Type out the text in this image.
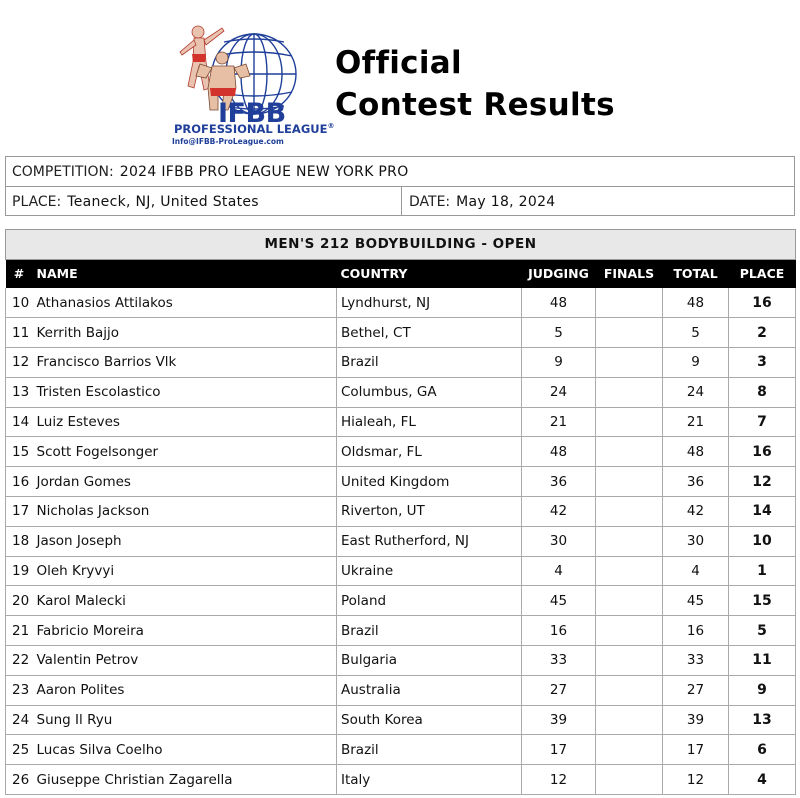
IFBB
PROFESSIONAL LEAGUE®
Info@IFBB-ProLeague.com
Official
Contest Results
COMPETITION: 2024 IFBB PRO LEAGUE NEW YORK PRO
PLACE: Teaneck, NJ, United States	DATE: May 18, 2024
MEN'S 212 BODYBUILDING - OPEN						
#	NAME	COUNTRY	JUDGING	FINALS	TOTAL	PLACE
10	Athanasios Attilakos	Lyndhurst, NJ	48		48	16
11	Kerrith Bajjo	Bethel, CT	5		5	2
12	Francisco Barrios Vlk	Brazil	9		9	3
13	Tristen Escolastico	Columbus, GA	24		24	8
14	Luiz Esteves	Hialeah, FL	21		21	7
15	Scott Fogelsonger	Oldsmar, FL	48		48	16
16	Jordan Gomes	United Kingdom	36		36	12
17	Nicholas Jackson	Riverton, UT	42		42	14
18	Jason Joseph	East Rutherford, NJ	30		30	10
19	Oleh Kryvyi	Ukraine	4		4	1
20	Karol Malecki	Poland	45		45	15
21	Fabricio Moreira	Brazil	16		16	5
22	Valentin Petrov	Bulgaria	33		33	11
23	Aaron Polites	Australia	27		27	9
24	Sung Il Ryu	South Korea	39		39	13
25	Lucas Silva Coelho	Brazil	17		17	6
26	Giuseppe Christian Zagarella	Italy	12		12	4
